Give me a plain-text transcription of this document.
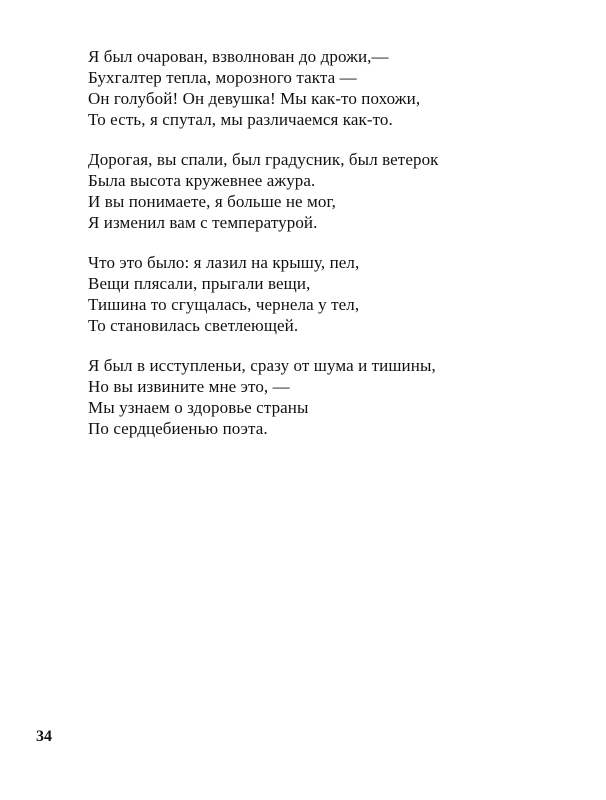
Я был очарован, взволнован до дрожи,—
Бухгалтер тепла, морозного такта —
Он голубой! Он девушка! Мы как-то похожи,
То есть, я спутал, мы различаемся как-то.
Дорогая, вы спали, был градусник, был ветерок
Была высота кружевнее ажура.
И вы понимаете, я больше не мог,
Я изменил вам с температурой.
Что это было: я лазил на крышу, пел,
Вещи плясали, прыгали вещи,
Тишина то сгущалась, чернела у тел,
То становилась светлеющей.
Я был в исступленьи, сразу от шума и тишины,
Но вы извините мне это, —
Мы узнаем о здоровье страны
По сердцебиенью поэта.
34
